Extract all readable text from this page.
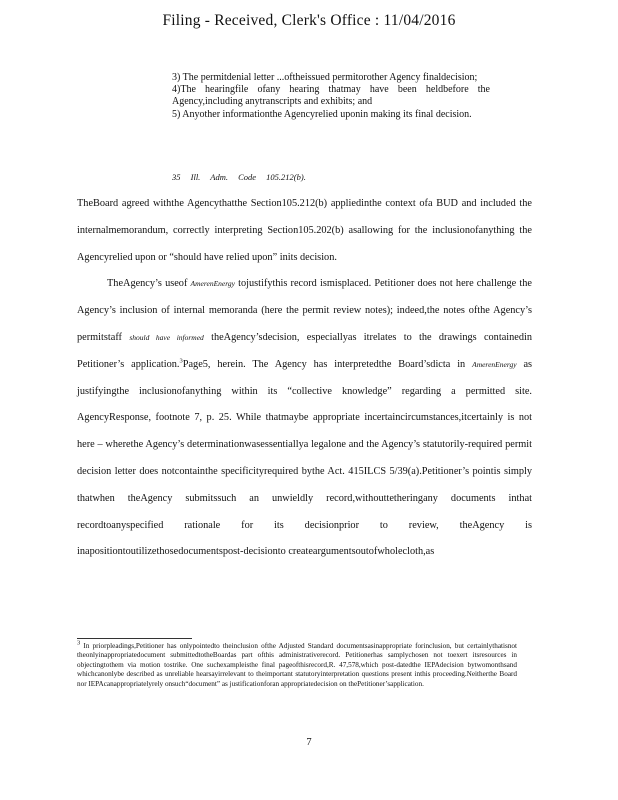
Filing - Received, Clerk's Office : 11/04/2016

3) The permitdenial letter ...oftheissued permitorother Agency finaldecision;

4)The hearingfile ofany hearing thatmay have been heldbefore the Agency,including anytranscripts and exhibits; and

5) Anyother informationthe Agencyrelied uponin making its final decision.

35 Ill. Adm. Code 105.212(b).

TheBoard agreed withthe Agencythatthe Section105.212(b) appliedinthe context ofa BUD and included the internalmemorandum, correctly interpreting Section105.202(b) asallowing for the inclusionofanything the Agencyrelied upon or “should have relied upon” inits decision.

TheAgency’s useof AmerenEnergy tojustifythis record ismisplaced. Petitioner does not here challenge the Agency’s inclusion of internal memoranda (here the permit review notes); indeed,the notes ofthe Agency’s permitstaff should have informed theAgency’sdecision, especiallyas itrelates to the drawings containedin Petitioner’s application.$^3$Page5, herein. The Agency has interpretedthe Board’sdicta in AmerenEnergy as justifyingthe inclusionofanything within its “collective knowledge” regarding a permitted site. AgencyResponse, footnote 7, p. 25. While thatmaybe appropriate incertaincircumstances,itcertainly is not here – wherethe Agency’s determinationwasessentiallya legalone and the Agency’s statutorily-required permit decision letter does notcontainthe specificityrequired bythe Act. 415ILCS 5/39(a).Petitioner’s pointis simply thatwhen theAgency submitssuch an unwieldly record,withouttetheringany documents inthat recordtoanyspecified rationale for its decisionprior to review, theAgency is inapositiontoutilizethosedocumentspost-decisionto createargumentsoutofwholecloth,as

$^3$ In priorpleadings,Petitioner has onlypointedto theinclusion ofthe Adjusted Standard documentsasinappropriate forinclusion, but certainlythatisnot theonlyinappropriatedocument submittedtotheBoardas part ofthis administrativerecord. Petitionerhas samplychosen not toexert itsresources in objectingtothem via motion tostrike. One suchexampleisthe final pageofthisrecord,R. 47,578,which post-datedthe IEPAdecision bytwomonthsand whichcanonlybe described as unreliable hearsayirrelevant to theimportant statutoryinterpretation questions present inthis proceeding.Neitherthe Board nor IEPAcanappropriatelyrely onsuch“document” as justificationforan appropriatedecision on thePetitioner’sapplication.

7
